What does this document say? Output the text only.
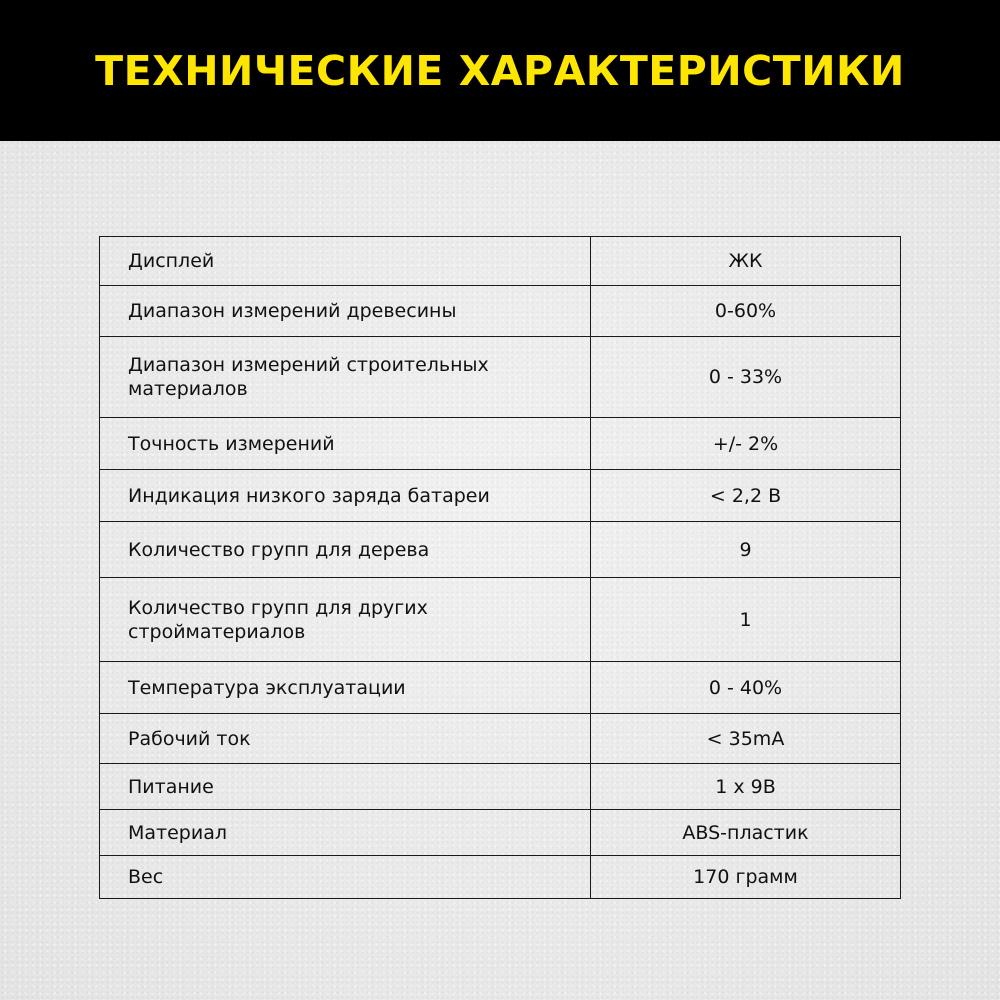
ТЕХНИЧЕСКИЕ ХАРАКТЕРИСТИКИ
Дисплей	ЖК
Диапазон измерений древесины	0-60%
Диапазон измерений строительных материалов	0 - 33%
Точность измерений	+/- 2%
Индикация низкого заряда батареи	< 2,2 В
Количество групп для дерева	9
Количество групп для других стройматериалов	1
Температура эксплуатации	0 - 40%
Рабочий ток	< 35mA
Питание	1 x 9В
Материал	ABS-пластик
Вес	170 грамм
